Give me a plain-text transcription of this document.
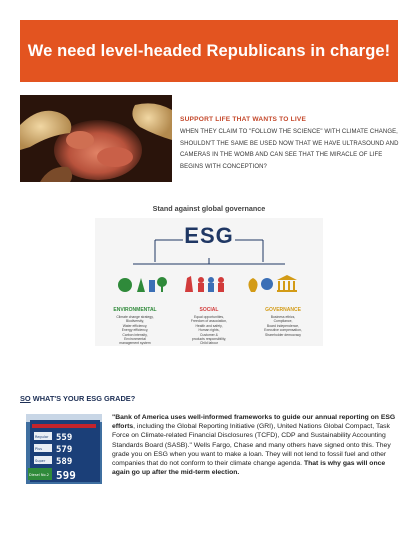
We need level-headed Republicans in charge!
SUPPORT LIFE THAT WANTS TO LIVE

WHEN THEY CLAIM TO "FOLLOW THE SCIENCE" WITH CLIMATE CHANGE, SHOULDN'T THE SAME BE USED NOW THAT WE HAVE ULTRASOUND AND CAMERAS IN THE WOMB AND CAN SEE THAT THE MIRACLE OF LIFE BEGINS WITH CONCEPTION?

Stand against global governance
ESG
ENVIRONMENTAL	SOCIAL	GOVERNANCE
Climate change strategy,
Biodiversity,
Water efficiency,
Energy efficiency,
Carbon intensity,
Environmental
management system
Equal opportunities,
Freedom of association,
Health and safety,
Human rights,
Customer &
products responsibility,
Child labour
Business ethics,
Compliance,
Board independence,
Executive compensation,
Shareholder democracy
SO WHAT'S YOUR ESG GRADE?
559
579
589
599
Regular
Plus
Super
Diesel No.2
"Bank of America uses well-informed frameworks to guide our annual reporting on ESG efforts, including the Global Reporting Initiative (GRI), United Nations Global Compact, Task Force on Climate-related Financial Disclosures (TCFD), CDP and Sustainability Accounting Standards Board (SASB)." Wells Fargo, Chase and many others have signed onto this. They grade you on ESG when you want to make a loan. They will not lend to fossil fuel and other companies that do not conform to their climate change agenda. That is why gas will once again go up after the mid-term election.
